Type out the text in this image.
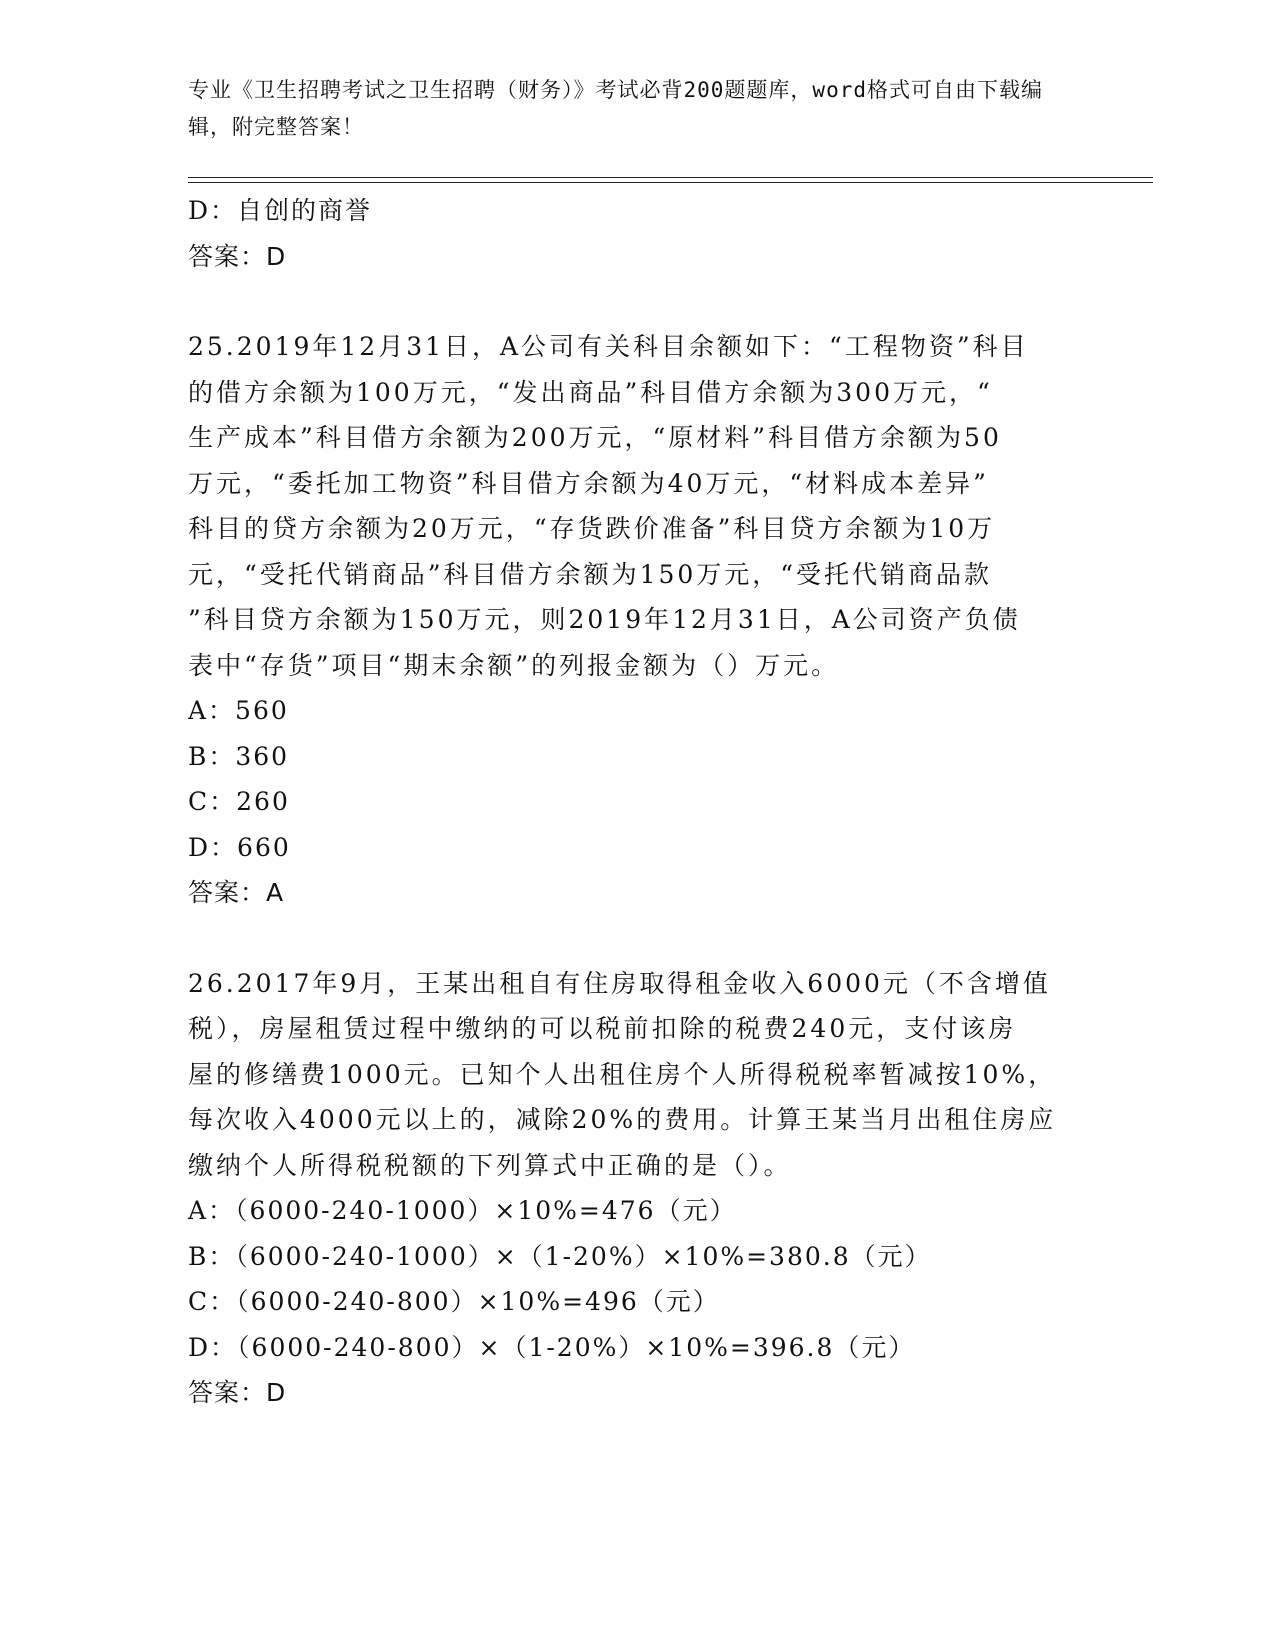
专业《卫生招聘考试之卫生招聘（财务）》考试必背200题题库，word格式可自由下载编辑，附完整答案！
D：自创的商誉
答案：D
25.2019年12月31日，A公司有关科目余额如下：“工程物资”科目
的借方余额为100万元，“发出商品”科目借方余额为300万元，“
生产成本”科目借方余额为200万元，“原材料”科目借方余额为50
万元，“委托加工物资”科目借方余额为40万元，“材料成本差异”
科目的贷方余额为20万元，“存货跌价准备”科目贷方余额为10万
元，“受托代销商品”科目借方余额为150万元，“受托代销商品款
”科目贷方余额为150万元，则2019年12月31日，A公司资产负债
表中“存货”项目“期末余额”的列报金额为（）万元。
A：560
B：360
C：260
D：660
答案：A
26.2017年9月，王某出租自有住房取得租金收入6000元（不含增值
税），房屋租赁过程中缴纳的可以税前扣除的税费240元，支付该房
屋的修缮费1000元。已知个人出租住房个人所得税税率暂减按10%，
每次收入4000元以上的，减除20%的费用。计算王某当月出租住房应
缴纳个人所得税税额的下列算式中正确的是（）。
A：（6000-240-1000）×10%=476（元）
B：（6000-240-1000）×（1-20%）×10%=380.8（元）
C：（6000-240-800）×10%=496（元）
D：（6000-240-800）×（1-20%）×10%=396.8（元）
答案：D
